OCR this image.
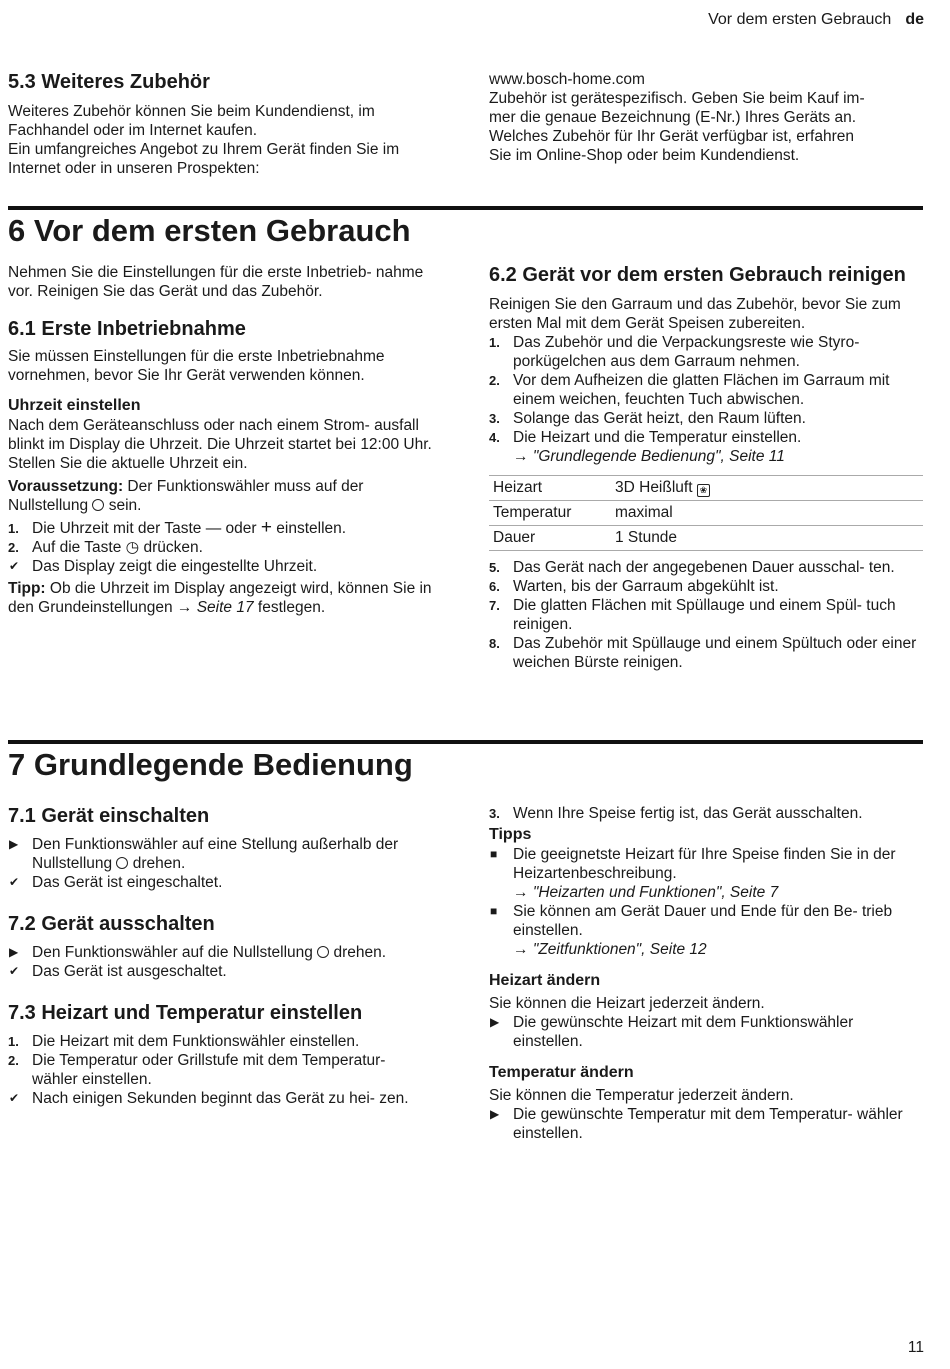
Vor dem ersten Gebrauch de
5.3 Weiteres Zubehör

Weiteres Zubehör können Sie beim Kundendienst, im Fachhandel oder im Internet kaufen.

Ein umfangreiches Angebot zu Ihrem Gerät finden Sie im Internet oder in unseren Prospekten:

www.bosch-home.com

Zubehör ist gerätespezifisch. Geben Sie beim Kauf im-

mer die genaue Bezeichnung (E-Nr.) Ihres Geräts an.

Welches Zubehör für Ihr Gerät verfügbar ist, erfahren

Sie im Online-Shop oder beim Kundendienst.

6 Vor dem ersten Gebrauch

Nehmen Sie die Einstellungen für die erste Inbetrieb- nahme vor. Reinigen Sie das Gerät und das Zubehör.

6.1 Erste Inbetriebnahme

Sie müssen Einstellungen für die erste Inbetriebnahme vornehmen, bevor Sie Ihr Gerät verwenden können.

Uhrzeit einstellen

Nach dem Geräteanschluss oder nach einem Strom- ausfall blinkt im Display die Uhrzeit. Die Uhrzeit startet bei 12:00 Uhr. Stellen Sie die aktuelle Uhrzeit ein.

Voraussetzung: Der Funktionswähler muss auf der Nullstellung  sein.

1. Die Uhrzeit mit der Taste — oder + einstellen.
2. Auf die Taste ◷ drücken.
✔ Das Display zeigt die eingestellte Uhrzeit.

Tipp: Ob die Uhrzeit im Display angezeigt wird, können Sie in den Grundeinstellungen → Seite 17 festlegen.

6.2 Gerät vor dem ersten Gebrauch reinigen

Reinigen Sie den Garraum und das Zubehör, bevor Sie zum ersten Mal mit dem Gerät Speisen zubereiten.

1. Das Zubehör und die Verpackungsreste wie Styro- porkügelchen aus dem Garraum nehmen.
2. Vor dem Aufheizen die glatten Flächen im Garraum mit einem weichen, feuchten Tuch abwischen.
3. Solange das Gerät heizt, den Raum lüften.
4. Die Heizart und die Temperatur einstellen.
→ "Grundlegende Bedienung", Seite 11
Heizart	3D Heißluft ❀
Temperatur	maximal
Dauer	1 Stunde
5. Das Gerät nach der angegebenen Dauer ausschal- ten.
6. Warten, bis der Garraum abgekühlt ist.
7. Die glatten Flächen mit Spüllauge und einem Spül- tuch reinigen.
8. Das Zubehör mit Spüllauge und einem Spültuch oder einer weichen Bürste reinigen.
7 Grundlegende Bedienung
7.1 Gerät einschalten
▶ Den Funktionswähler auf eine Stellung außerhalb der Nullstellung  drehen.
✔ Das Gerät ist eingeschaltet.
7.2 Gerät ausschalten
▶ Den Funktionswähler auf die Nullstellung  drehen.
✔ Das Gerät ist ausgeschaltet.
7.3 Heizart und Temperatur einstellen
1. Die Heizart mit dem Funktionswähler einstellen.
2. Die Temperatur oder Grillstufe mit dem Temperatur- wähler einstellen.
✔ Nach einigen Sekunden beginnt das Gerät zu hei- zen.
3. Wenn Ihre Speise fertig ist, das Gerät ausschalten.
Tipps
■ Die geeignetste Heizart für Ihre Speise finden Sie in der Heizartenbeschreibung.
→ "Heizarten und Funktionen", Seite 7
■ Sie können am Gerät Dauer und Ende für den Be- trieb einstellen.
→ "Zeitfunktionen", Seite 12
Heizart ändern

Sie können die Heizart jederzeit ändern.

▶ Die gewünschte Heizart mit dem Funktionswähler einstellen.
Temperatur ändern

Sie können die Temperatur jederzeit ändern.

▶ Die gewünschte Temperatur mit dem Temperatur- wähler einstellen.
11
